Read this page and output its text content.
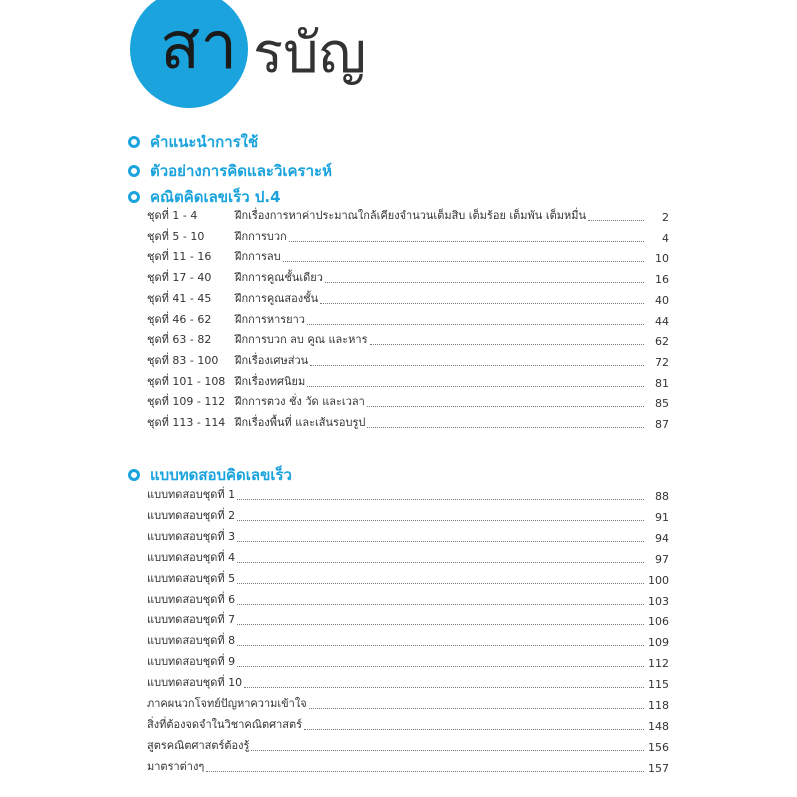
สา รบัญ
คำแนะนำการใช้
ตัวอย่างการคิดและวิเคราะห์
คณิตคิดเลขเร็ว ป.4
ชุดที่ 1 - 4	ฝึกเรื่องการหาค่าประมาณใกล้เคียงจำนวนเต็มสิบ เต็มร้อย เต็มพัน เต็มหมื่น	2
ชุดที่ 5 - 10	ฝึกการบวก	4
ชุดที่ 11 - 16	ฝึกการลบ	10
ชุดที่ 17 - 40	ฝึกการคูณชั้นเดียว	16
ชุดที่ 41 - 45	ฝึกการคูณสองชั้น	40
ชุดที่ 46 - 62	ฝึกการหารยาว	44
ชุดที่ 63 - 82	ฝึกการบวก ลบ คูณ และหาร	62
ชุดที่ 83 - 100	ฝึกเรื่องเศษส่วน	72
ชุดที่ 101 - 108 ฝึกเรื่องทศนิยม	81
ชุดที่ 109 - 112 ฝึกการตวง ชั่ง วัด และเวลา	85
ชุดที่ 113 - 114 ฝึกเรื่องพื้นที่ และเส้นรอบรูป	87
แบบทดสอบคิดเลขเร็ว
แบบทดสอบชุดที่ 1	88
แบบทดสอบชุดที่ 2	91
แบบทดสอบชุดที่ 3	94
แบบทดสอบชุดที่ 4	97
แบบทดสอบชุดที่ 5	100
แบบทดสอบชุดที่ 6	103
แบบทดสอบชุดที่ 7	106
แบบทดสอบชุดที่ 8	109
แบบทดสอบชุดที่ 9	112
แบบทดสอบชุดที่ 10	115
ภาคผนวกโจทย์ปัญหาความเข้าใจ	118
สิ่งที่ต้องจดจำในวิชาคณิตศาสตร์	148
สูตรคณิตศาสตร์ต้องรู้	156
มาตราต่างๆ	157
